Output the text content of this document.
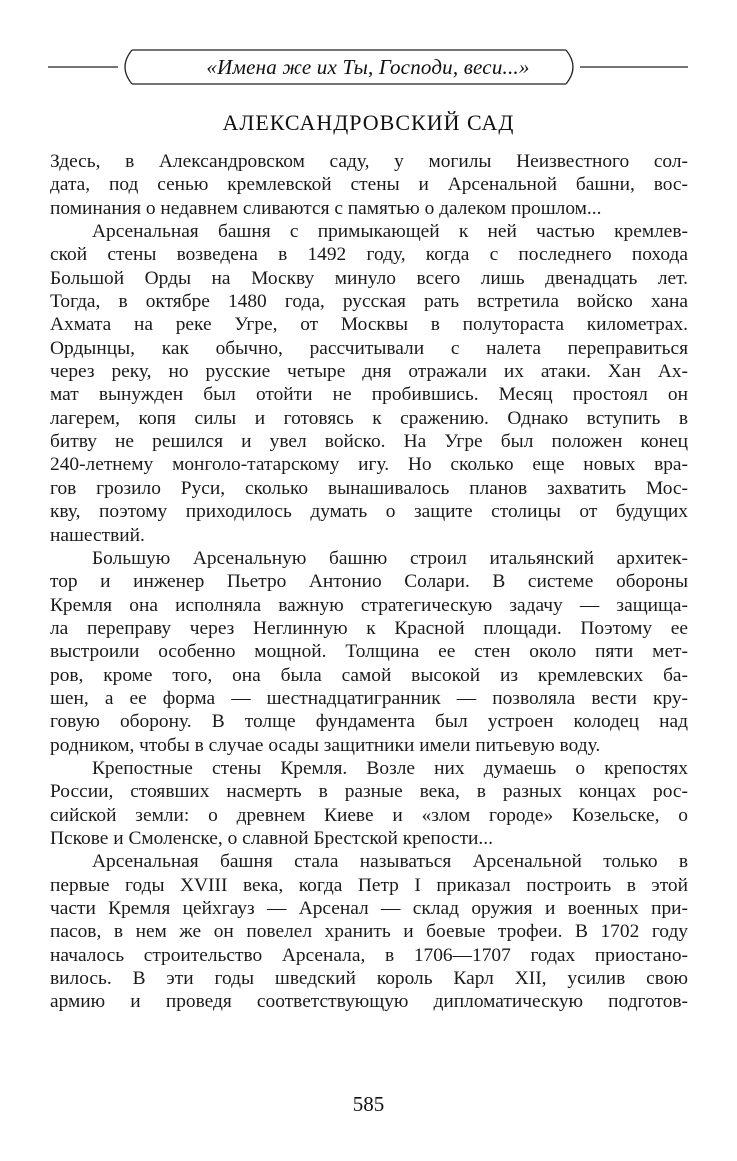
«Имена же их Ты, Господи, веси...»
АЛЕКСАНДРОВСКИЙ САД
Здесь, в Александровском саду, у могилы Неизвестного сол-
дата, под сенью кремлевской стены и Арсенальной башни, вос-
поминания о недавнем сливаются с памятью о далеком прошлом...
Арсенальная башня с примыкающей к ней частью кремлев-
ской стены возведена в 1492 году, когда с последнего похода
Большой Орды на Москву минуло всего лишь двенадцать лет.
Тогда, в октябре 1480 года, русская рать встретила войско хана
Ахмата на реке Угре, от Москвы в полутораста километрах.
Ордынцы, как обычно, рассчитывали с налета переправиться
через реку, но русские четыре дня отражали их атаки. Хан Ах-
мат вынужден был отойти не пробившись. Месяц простоял он
лагерем, копя силы и готовясь к сражению. Однако вступить в
битву не решился и увел войско. На Угре был положен конец
240-летнему монголо-татарскому игу. Но сколько еще новых вра-
гов грозило Руси, сколько вынашивалось планов захватить Мос-
кву, поэтому приходилось думать о защите столицы от будущих
нашествий.
Большую Арсенальную башню строил итальянский архитек-
тор и инженер Пьетро Антонио Солари. В системе обороны
Кремля она исполняла важную стратегическую задачу — защища-
ла переправу через Неглинную к Красной площади. Поэтому ее
выстроили особенно мощной. Толщина ее стен около пяти мет-
ров, кроме того, она была самой высокой из кремлевских ба-
шен, а ее форма — шестнадцатигранник — позволяла вести кру-
говую оборону. В толще фундамента был устроен колодец над
родником, чтобы в случае осады защитники имели питьевую воду.
Крепостные стены Кремля. Возле них думаешь о крепостях
России, стоявших насмерть в разные века, в разных концах рос-
сийской земли: о древнем Киеве и «злом городе» Козельске, о
Пскове и Смоленске, о славной Брестской крепости...
Арсенальная башня стала называться Арсенальной только в
первые годы XVIII века, когда Петр I приказал построить в этой
части Кремля цейхгауз — Арсенал — склад оружия и военных при-
пасов, в нем же он повелел хранить и боевые трофеи. В 1702 году
началось строительство Арсенала, в 1706—1707 годах приостано-
вилось. В эти годы шведский король Карл XII, усилив свою
армию и проведя соответствующую дипломатическую подготов-
585
